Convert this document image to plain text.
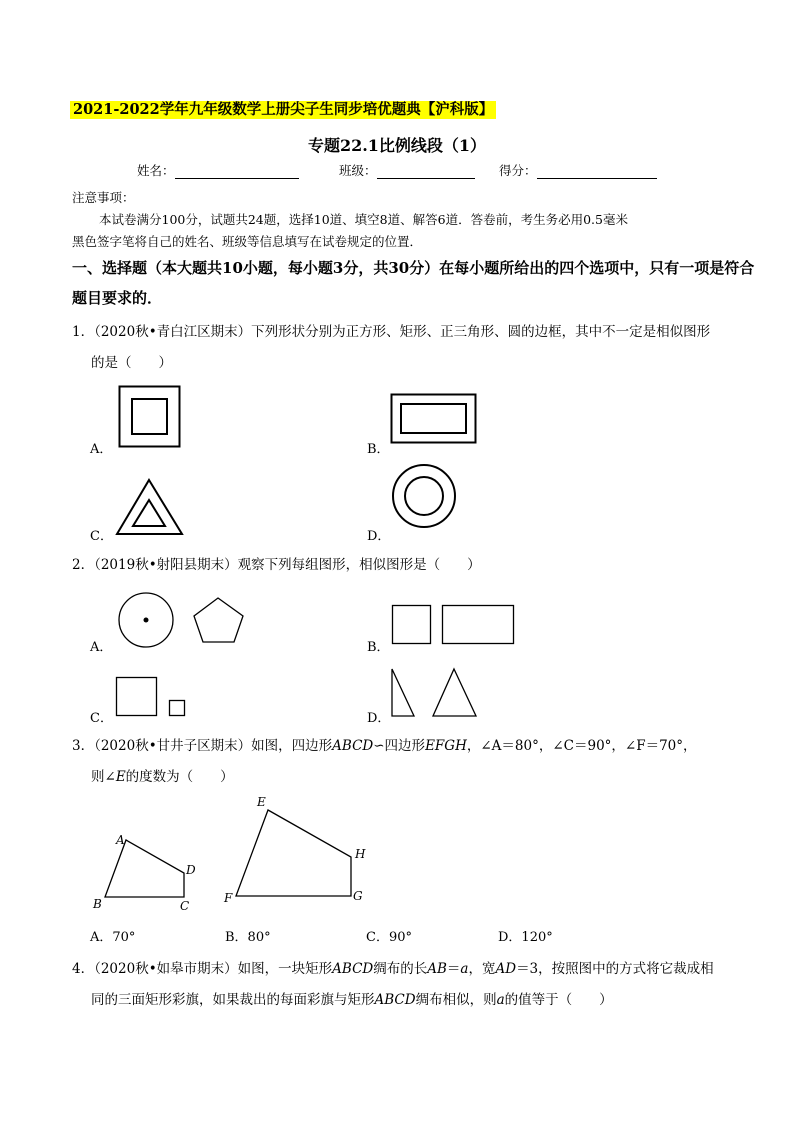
2021-2022学年九年级数学上册尖子生同步培优题典【沪科版】
专题22.1比例线段（1）
姓名：	班级：	得分：
注意事项：
本试卷满分100分，试题共24题，选择10道、填空8道、解答6道．答卷前，考生务必用0.5毫米
黑色签字笔将自己的姓名、班级等信息填写在试卷规定的位置．
一、选择题（本大题共10小题，每小题3分，共30分）在每小题所给出的四个选项中，只有一项是符合
题目要求的．
1．（2020秋•青白江区期末）下列形状分别为正方形、矩形、正三角形、圆的边框，其中不一定是相似图形
的是（　　）
A．	B．
C．	D．
2．（2019秋•射阳县期末）观察下列每组图形，相似图形是（　　）
A．	B．
C．	D．
3．（2020秋•甘井子区期末）如图，四边形ABCD∽四边形EFGH，∠A＝80°，∠C＝90°，∠F＝70°，
则∠E的度数为（　　）
A
B	C
D
E
F	G
H
A．70°	B．80°	C．90°	D．120°
4．（2020秋•如皋市期末）如图，一块矩形ABCD绸布的长AB＝a，宽AD＝3，按照图中的方式将它裁成相
同的三面矩形彩旗，如果裁出的每面彩旗与矩形ABCD绸布相似，则a的值等于（　　）
